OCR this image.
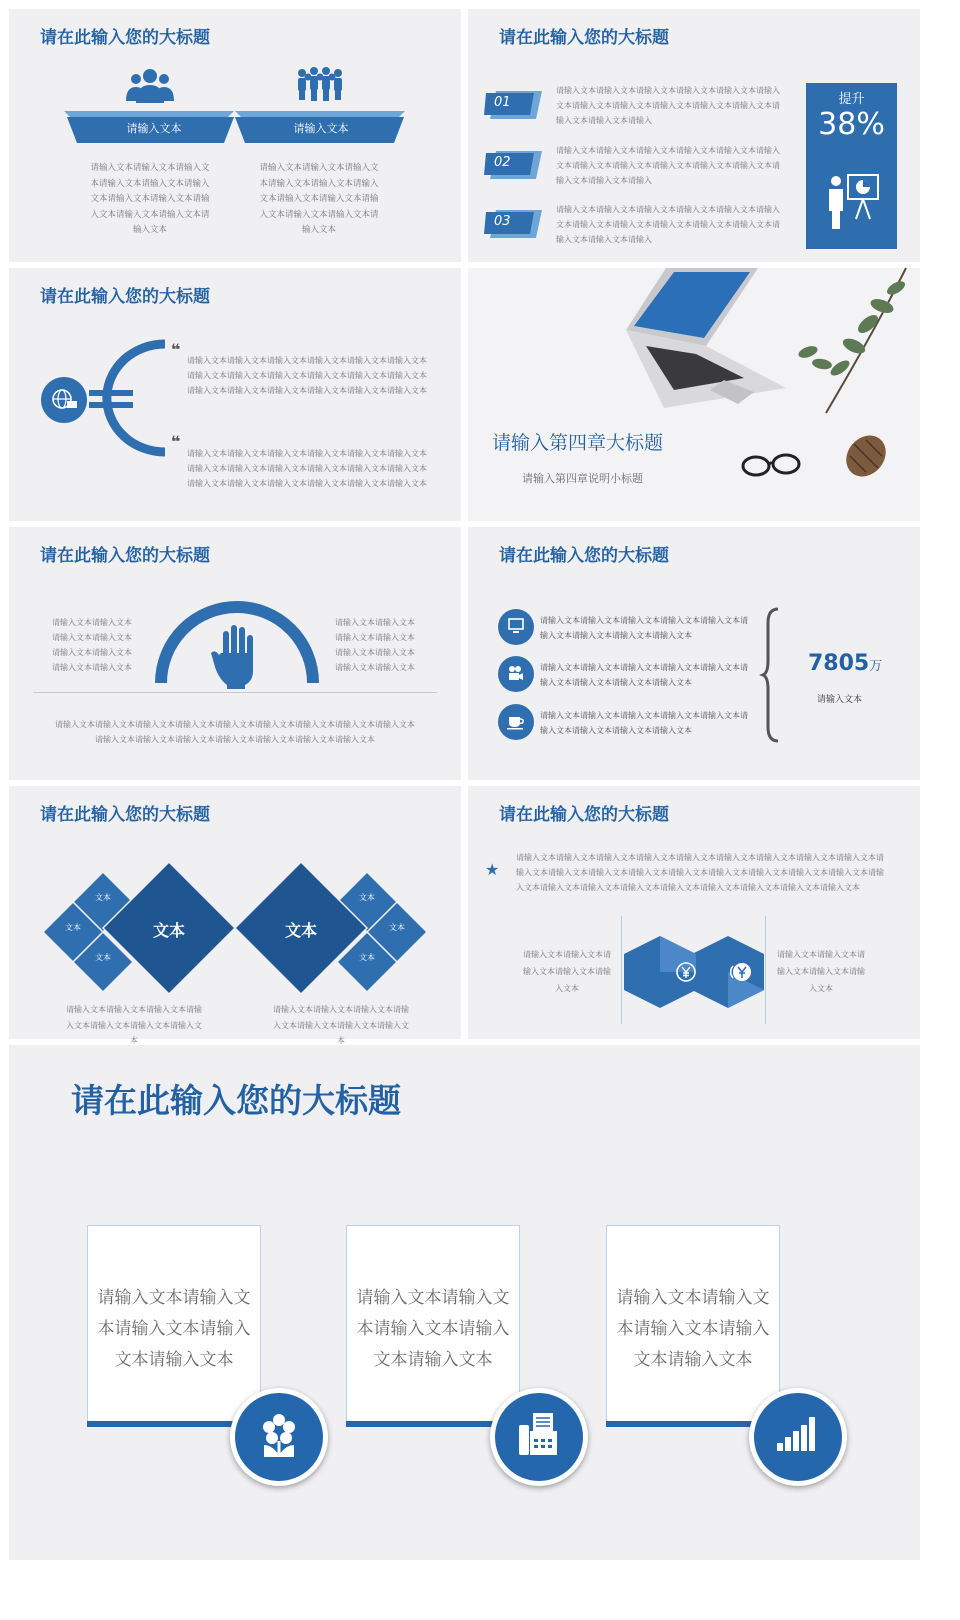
请在此输入您的大标题
请输入文本	请输入文本
请输入文本请输入文本请输入文本请输入文本请输入文本请输入文本请输入文本请输入文本请输入文本请输入文本请输入文本请输入文本
请输入文本请输入文本请输入文本请输入文本请输入文本请输入文本请输入文本请输入文本请输入文本请输入文本请输入文本请输入文本
请在此输入您的大标题
01
请输入文本请输入文本请输入文本请输入文本请输入文本请输入文本请输入文本请输入文本请输入文本请输入文本请输入文本请输入文本请输入文本请输入
02
请输入文本请输入文本请输入文本请输入文本请输入文本请输入文本请输入文本请输入文本请输入文本请输入文本请输入文本请输入文本请输入文本请输入
03
请输入文本请输入文本请输入文本请输入文本请输入文本请输入文本请输入文本请输入文本请输入文本请输入文本请输入文本请输入文本请输入文本请输入
提升
38%
请在此输入您的大标题
❝
❝
请输入文本请输入文本请输入文本请输入文本请输入文本请输入文本请输入文本请输入文本请输入文本请输入文本请输入文本请输入文本请输入文本请输入文本请输入文本请输入文本请输入文本请输入文本
请输入文本请输入文本请输入文本请输入文本请输入文本请输入文本请输入文本请输入文本请输入文本请输入文本请输入文本请输入文本请输入文本请输入文本请输入文本请输入文本请输入文本请输入文本
请输入第四章大标题
请输入第四章说明小标题
请在此输入您的大标题
请输入文本请输入文本
请输入文本请输入文本
请输入文本请输入文本
请输入文本请输入文本
请输入文本请输入文本
请输入文本请输入文本
请输入文本请输入文本
请输入文本请输入文本
请输入文本请输入文本请输入文本请输入文本请输入文本请输入文本请输入文本请输入文本请输入文本请输入文本请输入文本请输入文本请输入文本请输入文本请输入文本请输入文本
请在此输入您的大标题
请输入文本请输入文本请输入文本请输入文本请输入文本请输入文本请输入文本请输入文本请输入文本
请输入文本请输入文本请输入文本请输入文本请输入文本请输入文本请输入文本请输入文本请输入文本
请输入文本请输入文本请输入文本请输入文本请输入文本请输入文本请输入文本请输入文本请输入文本
7805万
请输入文本
请在此输入您的大标题
文本	文本
文本
文本
文本
文本
文本
文本
请输入文本请输入文本请输入文本请输入文本请输入文本请输入文本请输入文本
请输入文本请输入文本请输入文本请输入文本请输入文本请输入文本请输入文本
请在此输入您的大标题
★
请输入文本请输入文本请输入文本请输入文本请输入文本请输入文本请输入文本请输入文本请输入文本请输入文本请输入文本请输入文本请输入文本请输入文本请输入文本请输入文本请输入文本请输入文本请输入文本请输入文本请输入文本请输入文本请输入文本请输入文本请输入文本请输入文本请输入文本
请输入文本请输入文本请输入文本请输入文本请输入文本
请输入文本请输入文本请输入文本请输入文本请输入文本
请在此输入您的大标题
请输入文本请输入文本请输入文本请输入文本请输入文本
请输入文本请输入文本请输入文本请输入文本请输入文本
请输入文本请输入文本请输入文本请输入文本请输入文本
